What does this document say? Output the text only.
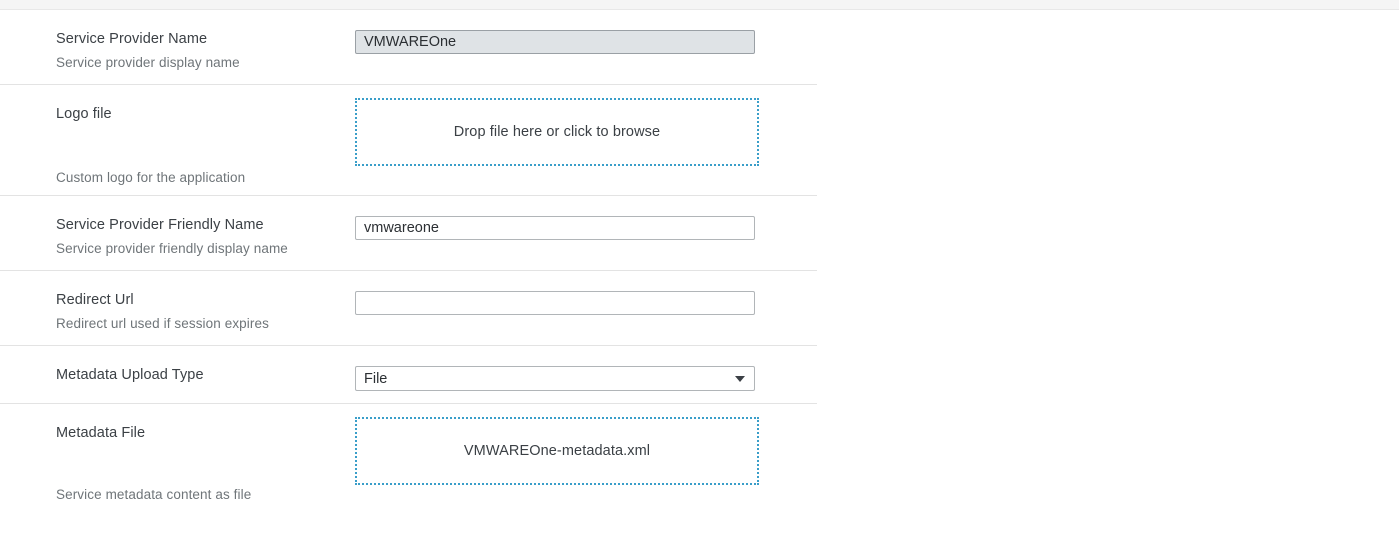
Service Provider Name
Service provider display name
VMWAREOne
Logo file
Custom logo for the application
Drop file here or click to browse
Service Provider Friendly Name
Service provider friendly display name
vmwareone
Redirect Url
Redirect url used if session expires
Metadata Upload Type
File
Metadata File
Service metadata content as file
VMWAREOne-metadata.xml
